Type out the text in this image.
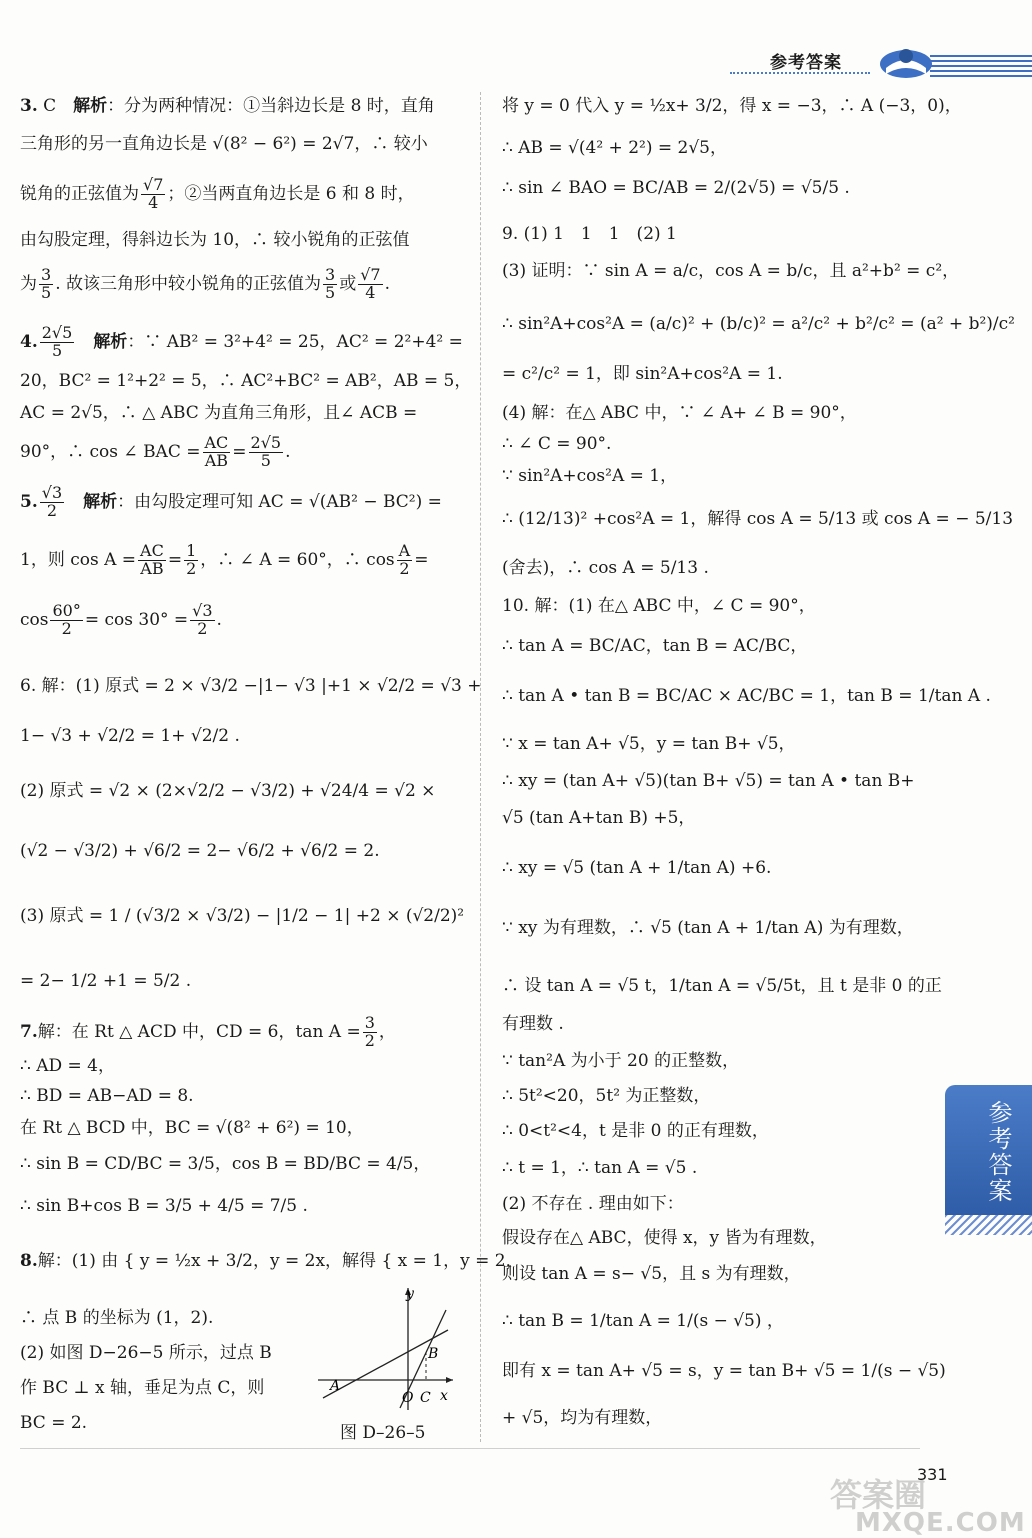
参考答案
3. C　 解析：分为两种情况：①当斜边长是 8 时，直角
三角形的另一直角边长是 √(8² − 6²) = 2√7，∴ 较小
锐角的正弦值为 $\frac{√7}{4}$ ；②当两直角边长是 6 和 8 时，
由勾股定理，得斜边长为 10，∴ 较小锐角的正弦值
为 $\frac{3}{5}$ . 故该三角形中较小锐角的正弦值为 $\frac{3}{5}$ 或 $\frac{√7}{4}$ .
4. $\frac{2√5}{5}$
　 解析：∵ AB² = 3²+4² = 25，AC² = 2²+4² =
20，BC² = 1²+2² = 5，∴ AC²+BC² = AB²，AB = 5，
AC = 2√5，∴ △ ABC 为直角三角形，且∠ ACB =
90°，∴ cos ∠ BAC = $\frac{AC}{AB} = \frac{2√5}{5}$ .
5. $\frac{√3}{2}$
　 解析：由勾股定理可知 AC = √(AB² − BC²) =
1，则 $\cos A = \frac{AC}{AB} = \frac{1}{2}$ ，∴ ∠ A = 60°，∴ $\cos \frac{A}{2}$ =
$\cos \frac{60^\circ}{2} = \cos 30^\circ = \frac{√3}{2}$ .
6. 解：(1) 原式 = 2 × √3/2 −|1− √3 |+1 × √2/2 = √3 +
1− √3 + √2/2 = 1+ √2/2 .
(2) 原式 = √2 × (2×√2/2 − √3/2) + √24/4 = √2 ×
(√2 − √3/2) + √6/2 = 2− √6/2 + √6/2 = 2.
(3) 原式 = 1 / (√3/2 × √3/2) − |1/2 − 1| +2 × (√2/2)²
= 2− 1/2 +1 = 5/2 .
7.解：在 Rt △ ACD 中，CD = 6，$\tan A = \frac{3}{2}$ ，
∴ AD = 4，
∴ BD = AB−AD = 8.
在 Rt △ BCD 中，BC = √(8² + 6²) = 10，
∴ sin B = CD/BC = 3/5，cos B = BD/BC = 4/5，
∴ sin B+cos B = 3/5 + 4/5 = 7/5 .
8.解：(1) 由 { y = ½x + 3/2，y = 2x，解得 { x = 1，y = 2，
∴ 点 B 的坐标为 (1，2).
(2) 如图 D−26−5 所示，过点 B
作 BC ⊥ x 轴，垂足为点 C，则
BC = 2.
y
x
A
O C
B
图 D–26–5
将 y = 0 代入 y = ½x+ 3/2，得 x = −3，∴ A (−3，0)，
∴ AB = √(4² + 2²) = 2√5，
∴ sin ∠ BAO = BC/AB = 2/(2√5) = √5/5 .
9. (1) 1　1　1　(2) 1
(3) 证明：∵ sin A = a/c，cos A = b/c，且 a²+b² = c²，
∴ sin²A+cos²A = (a/c)² + (b/c)² = a²/c² + b²/c² = (a² + b²)/c²
= c²/c² = 1，即 sin²A+cos²A = 1.
(4) 解：在△ ABC 中，∵ ∠ A+ ∠ B = 90°，
∴ ∠ C = 90°.
∵ sin²A+cos²A = 1，
∴ (12/13)² +cos²A = 1，解得 cos A = 5/13 或 cos A = − 5/13
(舍去)，∴ cos A = 5/13 .
10. 解：(1) 在△ ABC 中，∠ C = 90°，
∴ tan A = BC/AC，tan B = AC/BC，
∴ tan A • tan B = BC/AC × AC/BC = 1，tan B = 1/tan A .
∵ x = tan A+ √5，y = tan B+ √5，
∴ xy = (tan A+ √5)(tan B+ √5) = tan A • tan B+
√5 (tan A+tan B) +5，
∴ xy = √5 (tan A + 1/tan A) +6.
∵ xy 为有理数，∴ √5 (tan A + 1/tan A) 为有理数，
∴ 设 tan A = √5 t，1/tan A = √5/5t，且 t 是非 0 的正
有理数 .
∵ tan²A 为小于 20 的正整数，
∴ 5t²<20，5t² 为正整数，
∴ 0<t²<4，t 是非 0 的正有理数，
∴ t = 1，∴ tan A = √5 .
(2) 不存在 . 理由如下：
假设存在△ ABC，使得 x，y 皆为有理数，
则设 tan A = s− √5，且 s 为有理数，
∴ tan B = 1/tan A = 1/(s − √5) ，
即有 x = tan A+ √5 = s，y = tan B+ √5 = 1/(s − √5)
+ √5，均为有理数，
参考答案
答案圈
MXQE.COM
331
